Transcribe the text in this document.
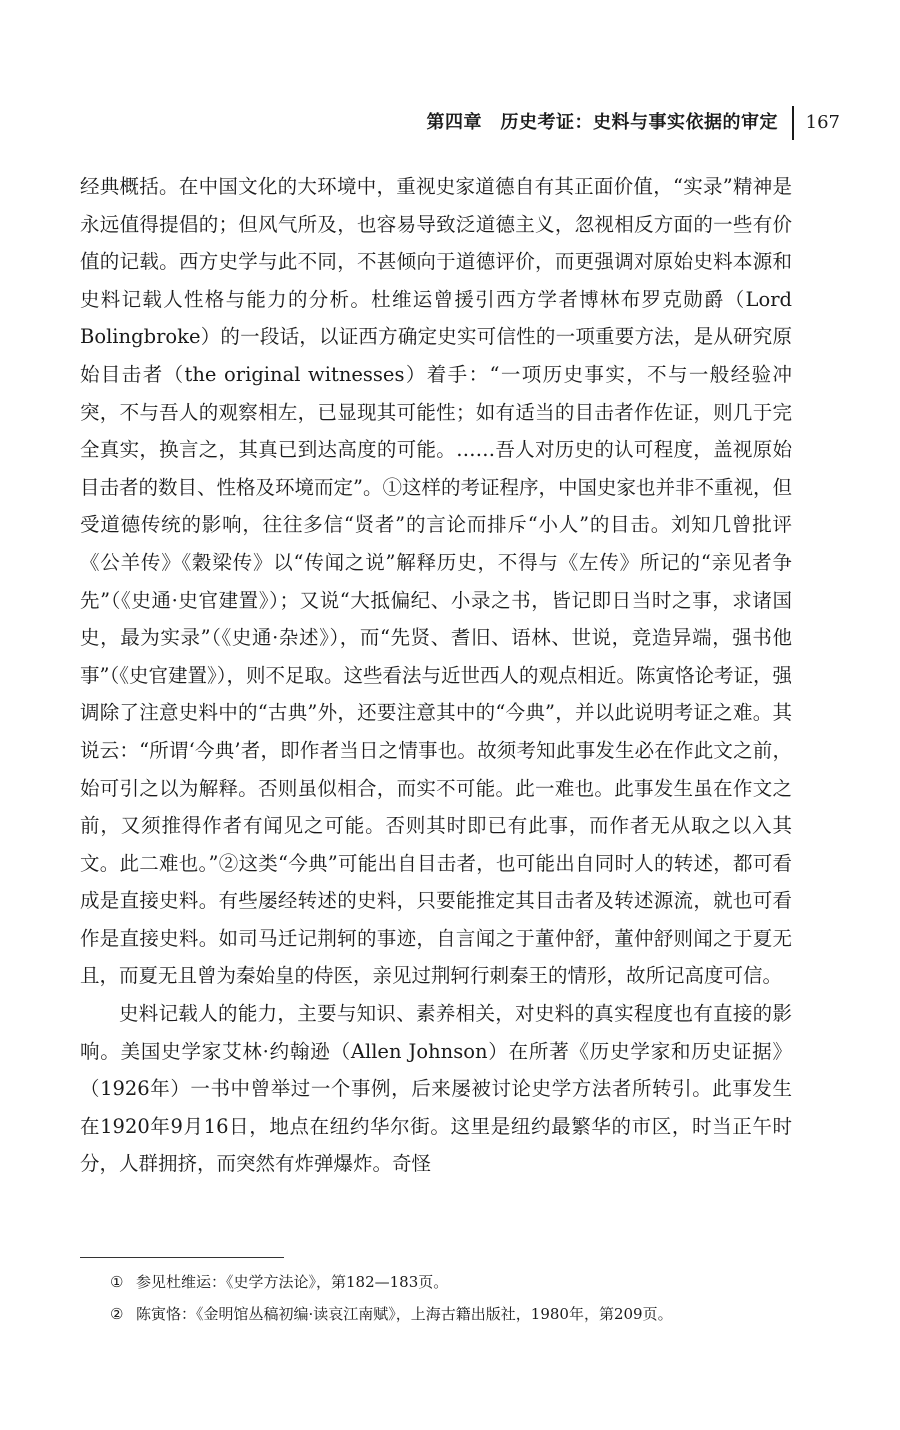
第四章　历史考证：史料与事实依据的审定 167

经典概括。在中国文化的大环境中，重视史家道德自有其正面价值，“实录”精神是永远值得提倡的；但风气所及，也容易导致泛道德主义，忽视相反方面的一些有价值的记载。西方史学与此不同，不甚倾向于道德评价，而更强调对原始史料本源和史料记载人性格与能力的分析。杜维运曾援引西方学者博林布罗克勋爵（Lord Bolingbroke）的一段话，以证西方确定史实可信性的一项重要方法，是从研究原始目击者（the original witnesses）着手：“一项历史事实，不与一般经验冲突，不与吾人的观察相左，已显现其可能性；如有适当的目击者作佐证，则几于完全真实，换言之，其真已到达高度的可能。……吾人对历史的认可程度，盖视原始目击者的数目、性格及环境而定”。①这样的考证程序，中国史家也并非不重视，但受道德传统的影响，往往多信“贤者”的言论而排斥“小人”的目击。刘知几曾批评《公羊传》《穀梁传》以“传闻之说”解释历史，不得与《左传》所记的“亲见者争先”（《史通·史官建置》）；又说“大抵偏纪、小录之书，皆记即日当时之事，求诸国史，最为实录”（《史通·杂述》），而“先贤、耆旧、语林、世说，竞造异端，强书他事”（《史官建置》），则不足取。这些看法与近世西人的观点相近。陈寅恪论考证，强调除了注意史料中的“古典”外，还要注意其中的“今典”，并以此说明考证之难。其说云：“所谓‘今典’者，即作者当日之情事也。故须考知此事发生必在作此文之前，始可引之以为解释。否则虽似相合，而实不可能。此一难也。此事发生虽在作文之前，又须推得作者有闻见之可能。否则其时即已有此事，而作者无从取之以入其文。此二难也。”②这类“今典”可能出自目击者，也可能出自同时人的转述，都可看成是直接史料。有些屡经转述的史料，只要能推定其目击者及转述源流，就也可看作是直接史料。如司马迁记荆轲的事迹，自言闻之于董仲舒，董仲舒则闻之于夏无且，而夏无且曾为秦始皇的侍医，亲见过荆轲行刺秦王的情形，故所记高度可信。

史料记载人的能力，主要与知识、素养相关，对史料的真实程度也有直接的影响。美国史学家艾林·约翰逊（Allen Johnson）在所著《历史学家和历史证据》（1926年）一书中曾举过一个事例，后来屡被讨论史学方法者所转引。此事发生在1920年9月16日，地点在纽约华尔街。这里是纽约最繁华的市区，时当正午时分，人群拥挤，而突然有炸弹爆炸。奇怪

① 参见杜维运：《史学方法论》，第182—183页。
② 陈寅恪：《金明馆丛稿初编·读哀江南赋》，上海古籍出版社，1980年，第209页。
